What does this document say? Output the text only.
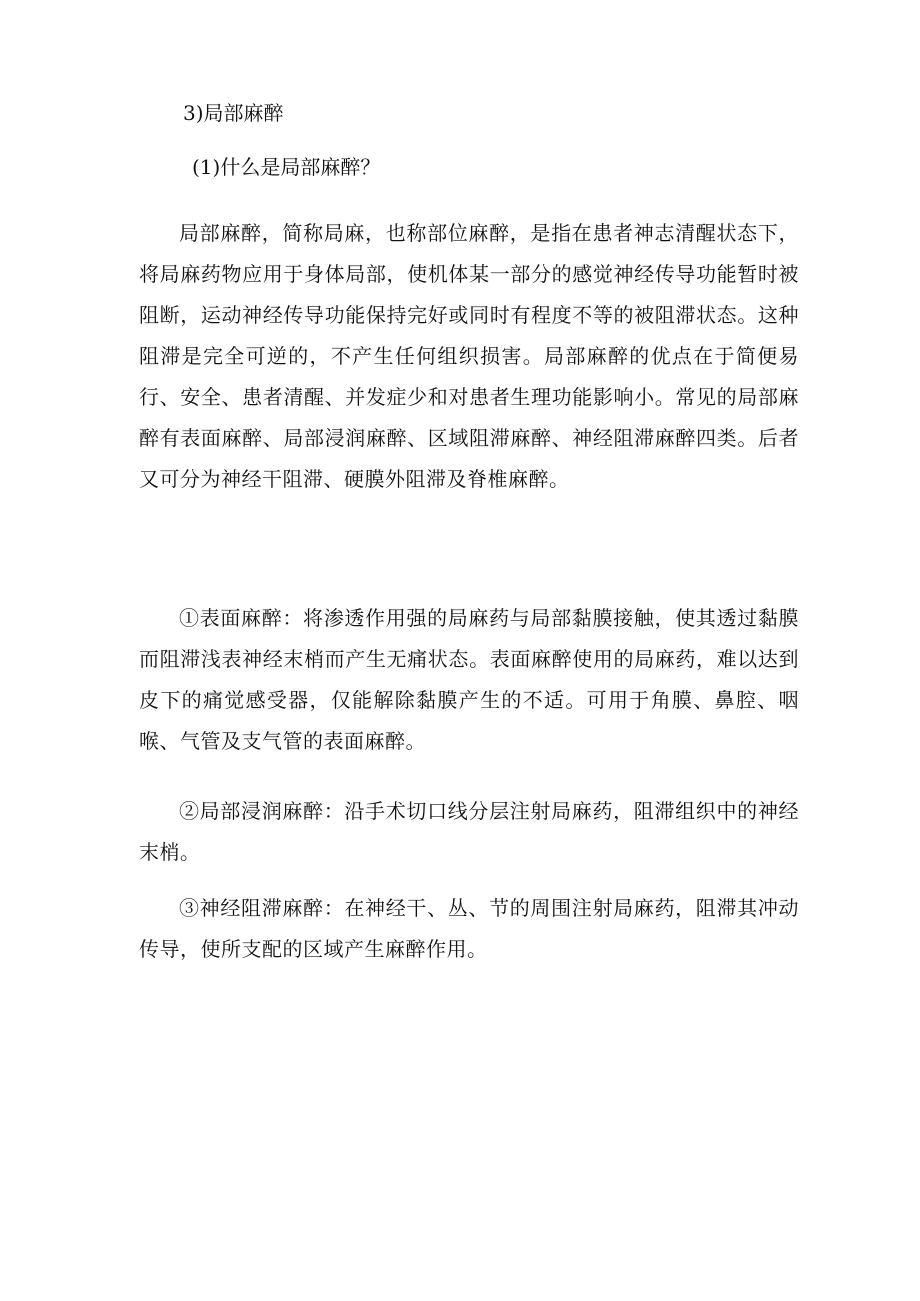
3)局部麻醉
(1)什么是局部麻醉？

局部麻醉，简称局麻，也称部位麻醉，是指在患者神志清醒状态下，将局麻药物应用于身体局部，使机体某一部分的感觉神经传导功能暂时被阻断，运动神经传导功能保持完好或同时有程度不等的被阻滞状态。这种阻滞是完全可逆的，不产生任何组织损害。局部麻醉的优点在于简便易行、安全、患者清醒、并发症少和对患者生理功能影响小。常见的局部麻醉有表面麻醉、局部浸润麻醉、区域阻滞麻醉、神经阻滞麻醉四类。后者又可分为神经干阻滞、硬膜外阻滞及脊椎麻醉。

①表面麻醉：将渗透作用强的局麻药与局部黏膜接触，使其透过黏膜而阻滞浅表神经末梢而产生无痛状态。表面麻醉使用的局麻药，难以达到皮下的痛觉感受器，仅能解除黏膜产生的不适。可用于角膜、鼻腔、咽喉、气管及支气管的表面麻醉。

②局部浸润麻醉：沿手术切口线分层注射局麻药，阻滞组织中的神经末梢。

③神经阻滞麻醉：在神经干、丛、节的周围注射局麻药，阻滞其冲动传导，使所支配的区域产生麻醉作用。
